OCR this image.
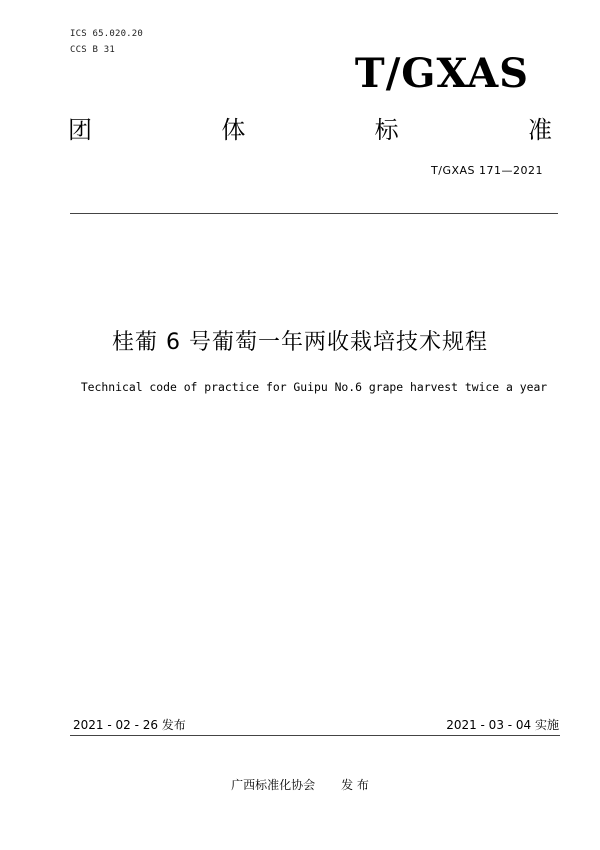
ICS 65.020.20
CCS B 31	T/GXAS
团	体	标	准
T/GXAS 171—2021
桂葡 6 号葡萄一年两收栽培技术规程
Technical code of practice for Guipu No.6 grape harvest twice a year
2021 - 02 - 26 发布	2021 - 03 - 04 实施
广西标准化协会 发 布
